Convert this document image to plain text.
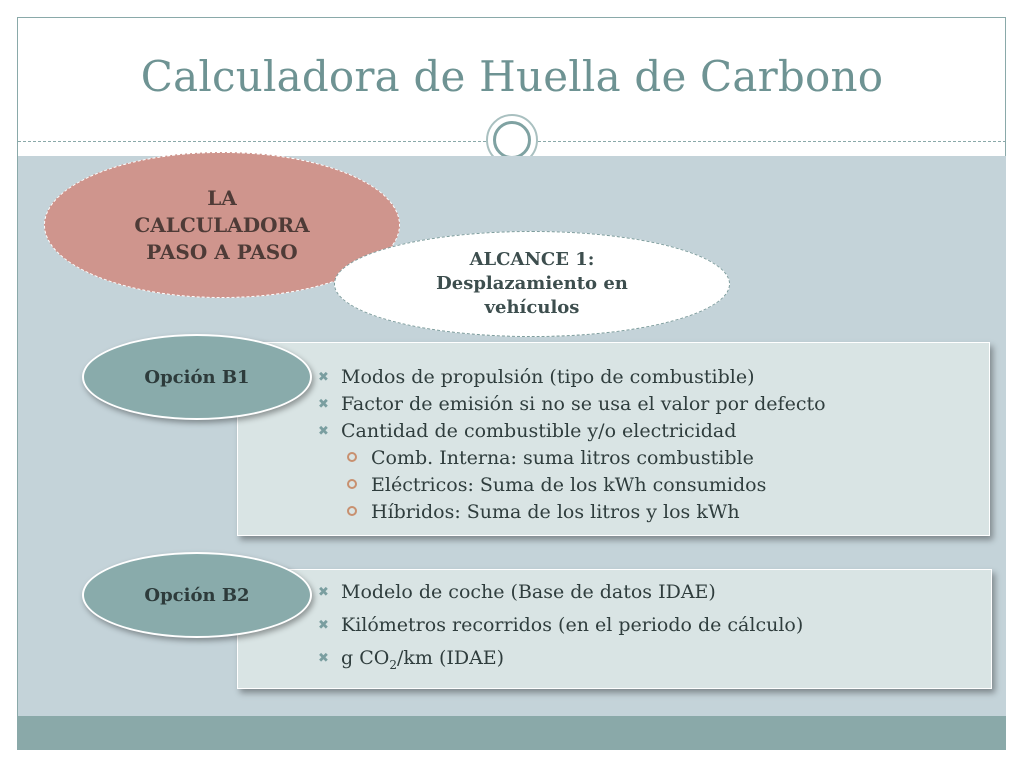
Calculadora de Huella de Carbono
LA CALCULADORA PASO A PASO	ALCANCE 1: Desplazamiento en vehículos
✖ Modos de propulsión (tipo de combustible)
✖ Factor de emisión si no se usa el valor por defecto
✖ Cantidad de combustible y/o electricidad
Comb. Interna: suma litros combustible
Eléctricos: Suma de los kWh consumidos
Híbridos: Suma de los litros y los kWh
Opción B1
✖ Modelo de coche (Base de datos IDAE)
✖ Kilómetros recorridos (en el periodo de cálculo)
✖ g $CO_2/km$ (IDAE)
Opción B2
